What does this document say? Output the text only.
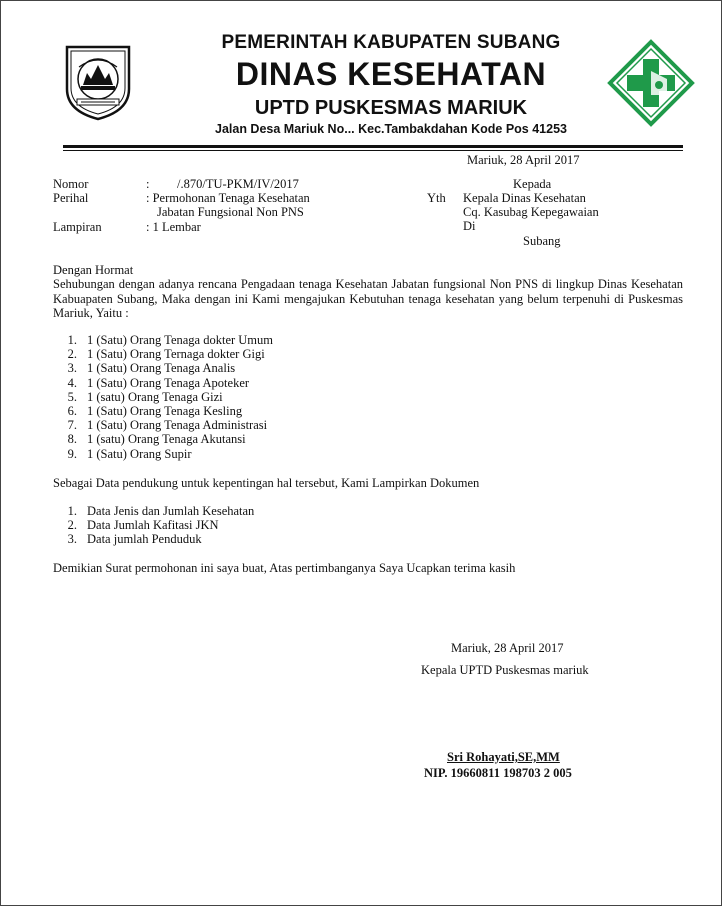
PEMERINTAH KABUPATEN SUBANG
DINAS KESEHATAN
UPTD PUSKESMAS MARIUK
Jalan Desa Mariuk No... Kec.Tambakdahan Kode Pos 41253
Mariuk, 28 April 2017
Nomor	: /.870/TU-PKM/IV/2017
Perihal	: Permohonan Tenaga Kesehatan
Jabatan Fungsional Non PNS
Lampiran	: 1 Lembar
Kepada
Yth Kepala Dinas Kesehatan
Cq. Kasubag Kepegawaian
Di
Subang
Dengan Hormat
Sehubungan dengan adanya rencana Pengadaan tenaga Kesehatan Jabatan fungsional Non PNS di lingkup Dinas Kesehatan Kabuapaten Subang, Maka dengan ini Kami mengajukan Kebutuhan tenaga kesehatan yang belum terpenuhi di Puskesmas Mariuk, Yaitu :
1. 1 (Satu) Orang Tenaga dokter Umum
2. 1 (Satu) Orang Ternaga dokter Gigi
3. 1 (Satu) Orang Tenaga Analis
4. 1 (Satu) Orang Tenaga Apoteker
5. 1 (satu) Orang Tenaga Gizi
6. 1 (Satu) Orang Tenaga Kesling
7. 1 (Satu) Orang Tenaga Administrasi
8. 1 (satu) Orang Tenaga Akutansi
9. 1 (Satu) Orang Supir
Sebagai Data pendukung untuk kepentingan hal tersebut, Kami Lampirkan Dokumen
1. Data Jenis dan Jumlah Kesehatan
2. Data Jumlah Kafitasi JKN
3. Data jumlah Penduduk
Demikian Surat permohonan ini saya buat, Atas pertimbanganya Saya Ucapkan terima kasih
Mariuk, 28 April 2017
Kepala UPTD Puskesmas mariuk
Sri Rohayati,SE,MM
NIP. 19660811 198703 2 005
